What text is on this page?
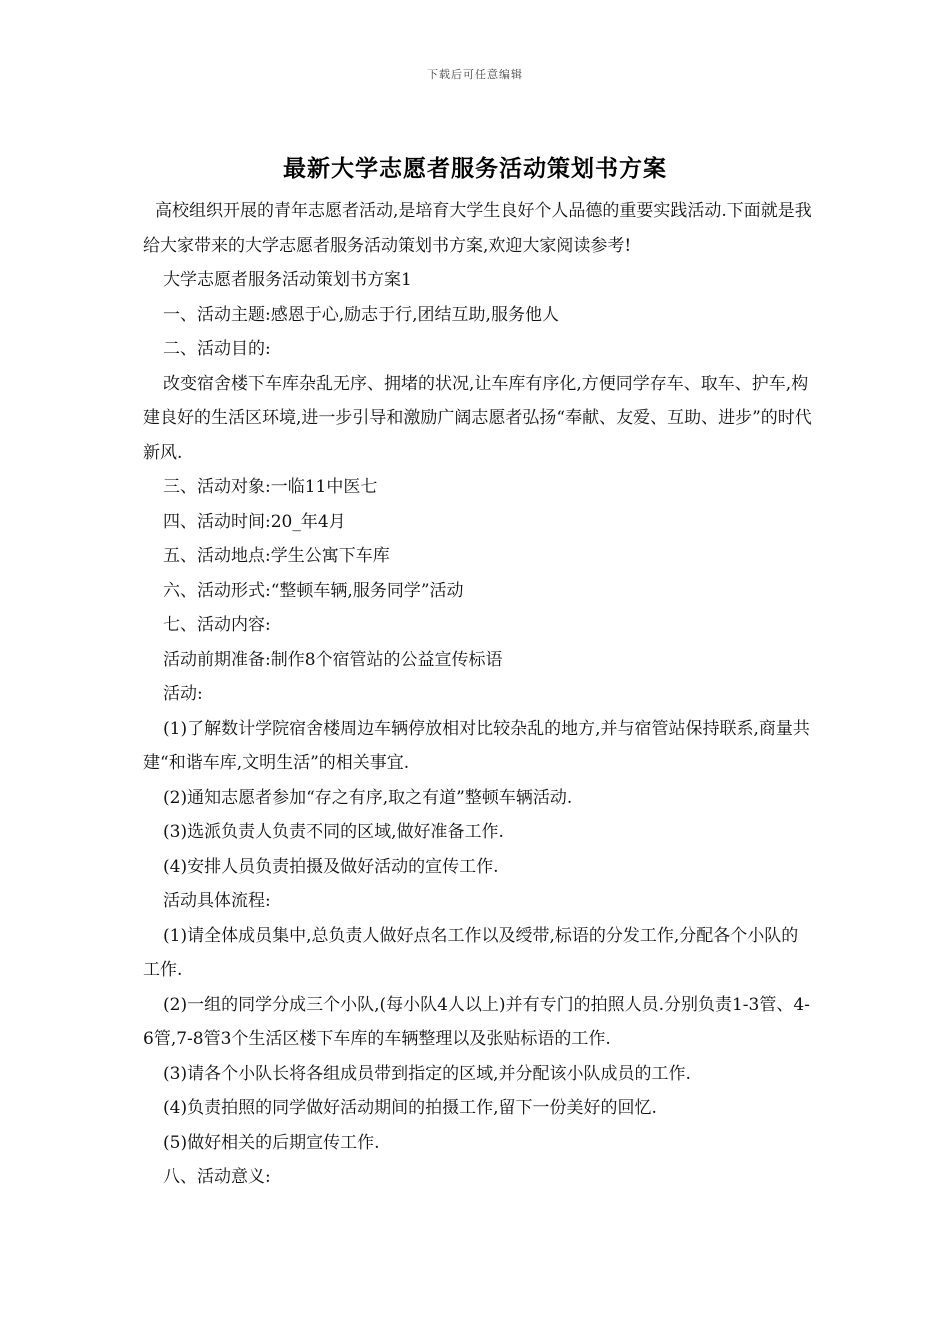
下载后可任意编辑
最新大学志愿者服务活动策划书方案

高校组织开展的青年志愿者活动,是培育大学生良好个人品德的重要实践活动.下面就是我给大家带来的大学志愿者服务活动策划书方案,欢迎大家阅读参考!

大学志愿者服务活动策划书方案1

一、活动主题:感恩于心,励志于行,团结互助,服务他人

二、活动目的:

改变宿舍楼下车库杂乱无序、拥堵的状况,让车库有序化,方便同学存车、取车、护车,构建良好的生活区环境,进一步引导和激励广阔志愿者弘扬“奉献、友爱、互助、进步”的时代新风.

三、活动对象:一临11中医七

四、活动时间:20_年4月

五、活动地点:学生公寓下车库

六、活动形式:“整顿车辆,服务同学”活动

七、活动内容:

活动前期准备:制作8个宿管站的公益宣传标语

活动:

(1)了解数计学院宿舍楼周边车辆停放相对比较杂乱的地方,并与宿管站保持联系,商量共建“和谐车库,文明生活”的相关事宜.

(2)通知志愿者参加“存之有序,取之有道”整顿车辆活动.

(3)选派负责人负责不同的区域,做好准备工作.

(4)安排人员负责拍摄及做好活动的宣传工作.

活动具体流程:

(1)请全体成员集中,总负责人做好点名工作以及绶带,标语的分发工作,分配各个小队的工作.

(2)一组的同学分成三个小队,(每小队4人以上)并有专门的拍照人员.分别负责1-3管、4-6管,7-8管3个生活区楼下车库的车辆整理以及张贴标语的工作.

(3)请各个小队长将各组成员带到指定的区域,并分配该小队成员的工作.

(4)负责拍照的同学做好活动期间的拍摄工作,留下一份美好的回忆.

(5)做好相关的后期宣传工作.

八、活动意义:
